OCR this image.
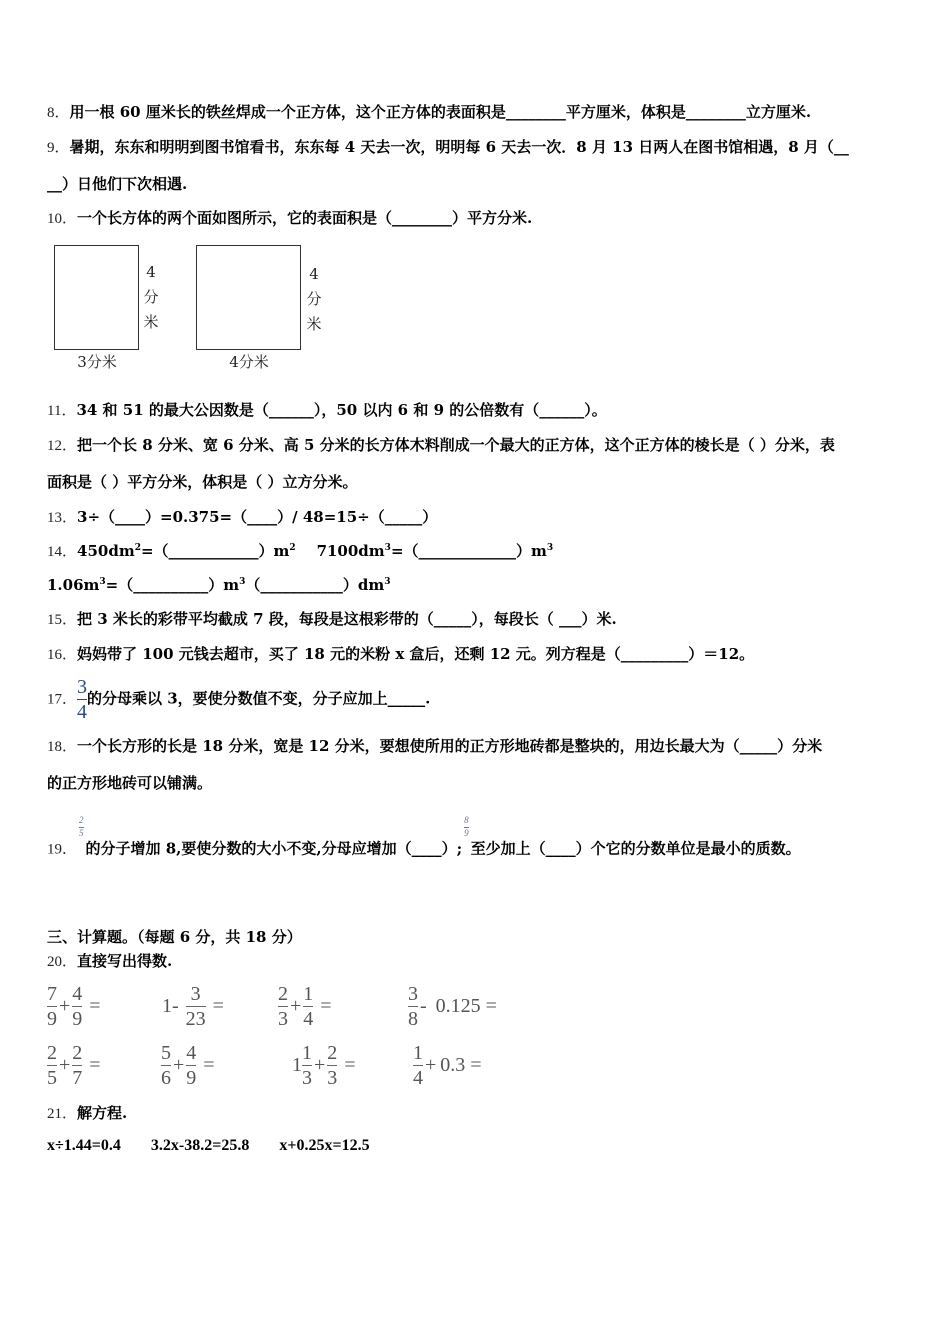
8．用一根 60 厘米长的铁丝焊成一个正方体，这个正方体的表面积是________平方厘米，体积是________立方厘米.
9．暑期，东东和明明到图书馆看书，东东每 4 天去一次，明明每 6 天去一次．8 月 13 日两人在图书馆相遇，8 月（__
__）日他们下次相遇.
10．一个长方体的两个面如图所示，它的表面积是（________）平方分米.
4
分
米
3分米
4
分
米
4分米
11．34 和 51 的最大公因数是（______），50 以内 6 和 9 的公倍数有（______）。
12．把一个长 8 分米、宽 6 分米、高 5 分米的长方体木料削成一个最大的正方体，这个正方体的棱长是（ ）分米，表
面积是（ ）平方分米，体积是（ ）立方分米。
13．3÷（____）=0.375=（____）/ 48=15÷（_____）
14．$450dm^2=(\_\_\_\_\_\_\_\_\_\_\_\_)m^2$ $7100dm^3=(\_\_\_\_\_\_\_\_\_\_\_\_\_)m^3$
$1.06m^3=(\_\_\_\_\_\_\_\_\_\_)m^3(\_\_\_\_\_\_\_\_\_\_\_)dm^3$
15．把 3 米长的彩带平均截成 7 段，每段是这根彩带的（_____），每段长（ ___）米.
16．妈妈带了 100 元钱去超市，买了 18 元的米粉 x 盒后，还剩 12 元。列方程是（_________）＝12。
17． $\frac{3}{4}$ 的分母乘以 3，要使分数值不变，分子应加上_____.
18．一个长方形的长是 18 分米，宽是 12 分米，要想使所用的正方形地砖都是整块的，用边长最大为（_____）分米
的正方形地砖可以铺满。
19．
$\frac{2}{5}$
的分子增加 8,要使分数的大小不变,分母应增加（____）;
$\frac{8}{9}$
至少加上（____）个它的分数单位是最小的质数。
三、计算题。（每题 6 分，共 18 分）
20．直接写出得数.
$\frac{7}{9} + \frac{4}{9}$ =	$1- \frac{3}{23}$ =	$\frac{2}{3} + \frac{1}{4}$ =	$\frac{3}{8} - 0.125$ =
$\frac{2}{5} + \frac{2}{7}$ =	$\frac{5}{6} + \frac{4}{9}$ =	$1 \frac{1}{3} + \frac{2}{3}$ =	$\frac{1}{4} + 0.3$ =
21．解方程.
x÷1.44=0.4 3.2x-38.2=25.8 x+0.25x=12.5
